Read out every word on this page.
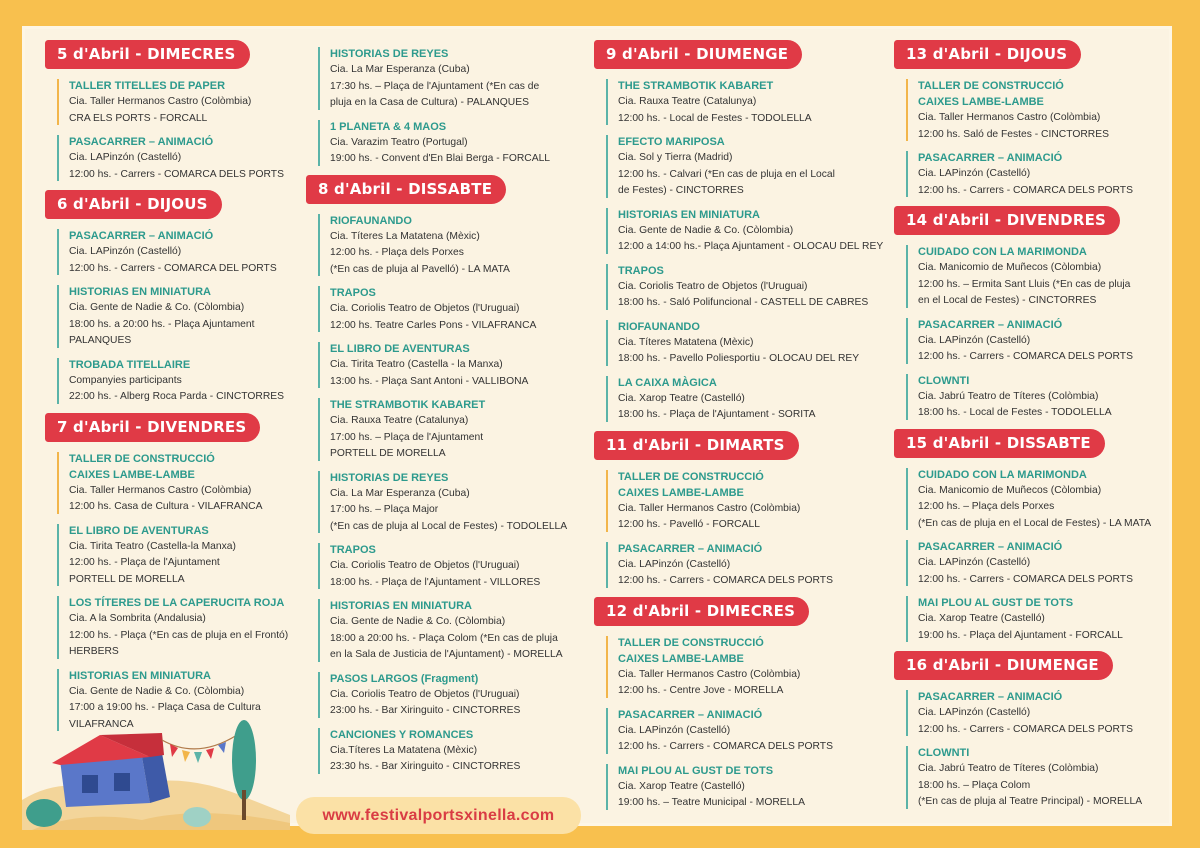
5 d'Abril - DIMECRES

TALLER TITELLES DE PAPER
Cia. Taller Hermanos Castro (Colòmbia)
CRA ELS PORTS - FORCALL
PASACARRER – ANIMACIÓ
Cia. LAPinzón (Castelló)
12:00 hs. - Carrers - COMARCA DELS PORTS
6 d'Abril - DIJOUS

PASACARRER – ANIMACIÓ
Cia. LAPinzón (Castelló)
12:00 hs. - Carrers - COMARCA DEL PORTS
HISTORIAS EN MINIATURA
Cia. Gente de Nadie & Co. (Còlombia)
18:00 hs. a 20:00 hs. - Plaça Ajuntament
PALANQUES
TROBADA TITELLAIRE
Companyies participants
22:00 hs. - Alberg Roca Parda - CINCTORRES
7 d'Abril - DIVENDRES

TALLER DE CONSTRUCCIÓ
CAIXES LAMBE-LAMBE
Cia. Taller Hermanos Castro (Colòmbia)
12:00 hs. Casa de Cultura - VILAFRANCA
EL LIBRO DE AVENTURAS
Cia. Tirita Teatro (Castella-la Manxa)
12:00 hs. - Plaça de l'Ajuntament
PORTELL DE MORELLA
LOS TÍTERES DE LA CAPERUCITA ROJA
Cia. A la Sombrita (Andalusia)
12:00 hs. - Plaça (*En cas de pluja en el Frontó)
HERBERS
HISTORIAS EN MINIATURA
Cia. Gente de Nadie & Co. (Còlombia)
17:00 a 19:00 hs. - Plaça Casa de Cultura
VILAFRANCA
HISTORIAS DE REYES
Cia. La Mar Esperanza (Cuba)
17:30 hs. – Plaça de l'Ajuntament (*En cas de
pluja en la Casa de Cultura) - PALANQUES
1 PLANETA & 4 MAOS
Cia. Varazim Teatro (Portugal)
19:00 hs. - Convent d'En Blai Berga - FORCALL
8 d'Abril - DISSABTE

RIOFAUNANDO
Cia. Títeres La Matatena (Mèxic)
12:00 hs. - Plaça dels Porxes
(*En cas de pluja al Pavelló) - LA MATA
TRAPOS
Cia. Coriolis Teatro de Objetos (l'Uruguai)
12:00 hs. Teatre Carles Pons - VILAFRANCA
EL LIBRO DE AVENTURAS
Cia. Tirita Teatro (Castella - la Manxa)
13:00 hs. - Plaça Sant Antoni - VALLIBONA
THE STRAMBOTIK KABARET
Cia. Rauxa Teatre (Catalunya)
17:00 hs. – Plaça de l'Ajuntament
PORTELL DE MORELLA
HISTORIAS DE REYES
Cia. La Mar Esperanza (Cuba)
17:00 hs. – Plaça Major
(*En cas de pluja al Local de Festes) - TODOLELLA
TRAPOS
Cia. Coriolis Teatro de Objetos (l'Uruguai)
18:00 hs. - Plaça de l'Ajuntament - VILLORES
HISTORIAS EN MINIATURA
Cia. Gente de Nadie & Co. (Còlombia)
18:00 a 20:00 hs. - Plaça Colom (*En cas de pluja
en la Sala de Justicia de l'Ajuntament) - MORELLA
PASOS LARGOS (Fragment)
Cia. Coriolis Teatro de Objetos (l'Uruguai)
23:00 hs. - Bar Xiringuito - CINCTORRES
CANCIONES Y ROMANCES
Cia.Títeres La Matatena (Mèxic)
23:30 hs. - Bar Xiringuito - CINCTORRES
9 d'Abril - DIUMENGE

THE STRAMBOTIK KABARET
Cia. Rauxa Teatre (Catalunya)
12:00 hs. - Local de Festes - TODOLELLA
EFECTO MARIPOSA
Cia. Sol y Tierra (Madrid)
12:00 hs. - Calvari (*En cas de pluja en el Local
de Festes) - CINCTORRES
HISTORIAS EN MINIATURA
Cia. Gente de Nadie & Co. (Còlombia)
12:00 a 14:00 hs.- Plaça Ajuntament - OLOCAU DEL REY
TRAPOS
Cia. Coriolis Teatro de Objetos (l'Uruguai)
18:00 hs. - Saló Polifuncional - CASTELL DE CABRES
RIOFAUNANDO
Cia. Títeres Matatena (Mèxic)
18:00 hs. - Pavello Poliesportiu - OLOCAU DEL REY
LA CAIXA MÀGICA
Cia. Xarop Teatre (Castelló)
18:00 hs. - Plaça de l'Ajuntament - SORITA
11 d'Abril - DIMARTS

TALLER DE CONSTRUCCIÓ
CAIXES LAMBE-LAMBE
Cia. Taller Hermanos Castro (Colòmbia)
12:00 hs. - Pavelló - FORCALL
PASACARRER – ANIMACIÓ
Cia. LAPinzón (Castelló)
12:00 hs. - Carrers - COMARCA DELS PORTS
12 d'Abril - DIMECRES

TALLER DE CONSTRUCCIÓ
CAIXES LAMBE-LAMBE
Cia. Taller Hermanos Castro (Colòmbia)
12:00 hs. - Centre Jove - MORELLA
PASACARRER – ANIMACIÓ
Cia. LAPinzón (Castelló)
12:00 hs. - Carrers - COMARCA DELS PORTS
MAI PLOU AL GUST DE TOTS
Cia. Xarop Teatre (Castelló)
19:00 hs. – Teatre Municipal - MORELLA
13 d'Abril - DIJOUS

TALLER DE CONSTRUCCIÓ
CAIXES LAMBE-LAMBE
Cia. Taller Hermanos Castro (Colòmbia)
12:00 hs. Saló de Festes - CINCTORRES
PASACARRER – ANIMACIÓ
Cia. LAPinzón (Castelló)
12:00 hs. - Carrers - COMARCA DELS PORTS
14 d'Abril - DIVENDRES

CUIDADO CON LA MARIMONDA
Cia. Manicomio de Muñecos (Còlombia)
12:00 hs. – Ermita Sant Lluis (*En cas de pluja
en el Local de Festes) - CINCTORRES
PASACARRER – ANIMACIÓ
Cia. LAPinzón (Castelló)
12:00 hs. - Carrers - COMARCA DELS PORTS
CLOWNTI
Cia. Jabrú Teatro de Títeres (Colòmbia)
18:00 hs. - Local de Festes - TODOLELLA
15 d'Abril - DISSABTE

CUIDADO CON LA MARIMONDA
Cia. Manicomio de Muñecos (Còlombia)
12:00 hs. – Plaça dels Porxes
(*En cas de pluja en el Local de Festes) - LA MATA
PASACARRER – ANIMACIÓ
Cia. LAPinzón (Castelló)
12:00 hs. - Carrers - COMARCA DELS PORTS
MAI PLOU AL GUST DE TOTS
Cia. Xarop Teatre (Castelló)
19:00 hs. - Plaça del Ajuntament - FORCALL
16 d'Abril - DIUMENGE

PASACARRER – ANIMACIÓ
Cia. LAPinzón (Castelló)
12:00 hs. - Carrers - COMARCA DELS PORTS
CLOWNTI
Cia. Jabrú Teatro de Títeres (Colòmbia)
18:00 hs. – Plaça Colom
(*En cas de pluja al Teatre Principal) - MORELLA
www.festivalportsxinella.com
